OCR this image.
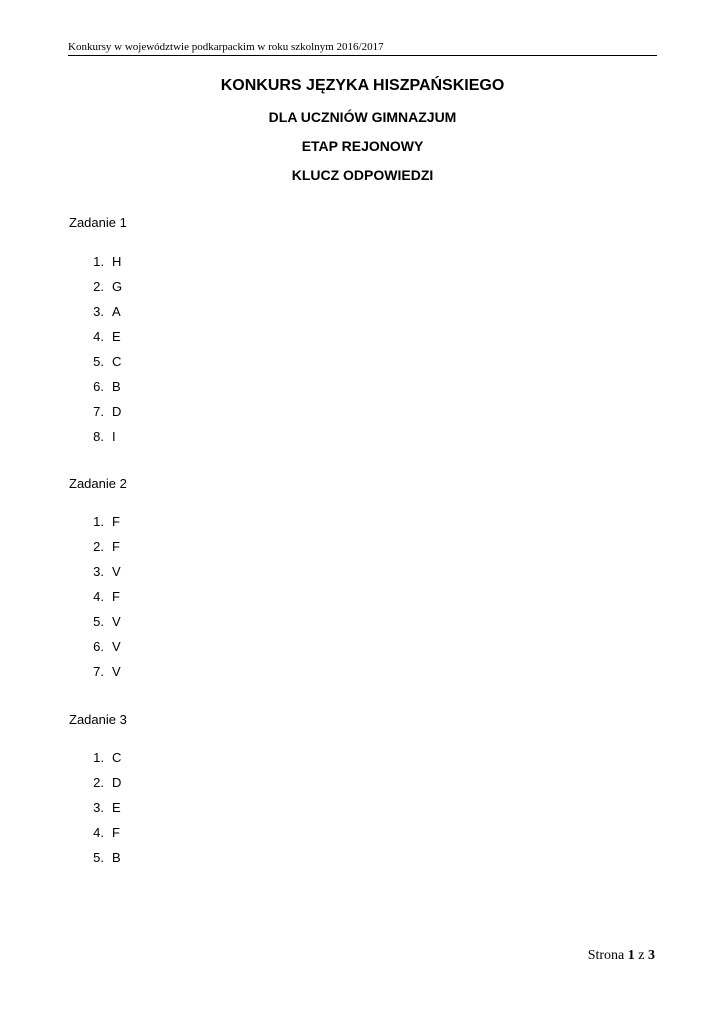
Konkursy w województwie podkarpackim w roku szkolnym 2016/2017
KONKURS JĘZYKA HISZPAŃSKIEGO
DLA UCZNIÓW GIMNAZJUM
ETAP REJONOWY
KLUCZ ODPOWIEDZI
Zadanie 1
1. H
2. G
3. A
4. E
5. C
6. B
7. D
8. I
Zadanie 2
1. F
2. F
3. V
4. F
5. V
6. V
7. V
Zadanie 3
1. C
2. D
3. E
4. F
5. B
Strona 1 z 3
